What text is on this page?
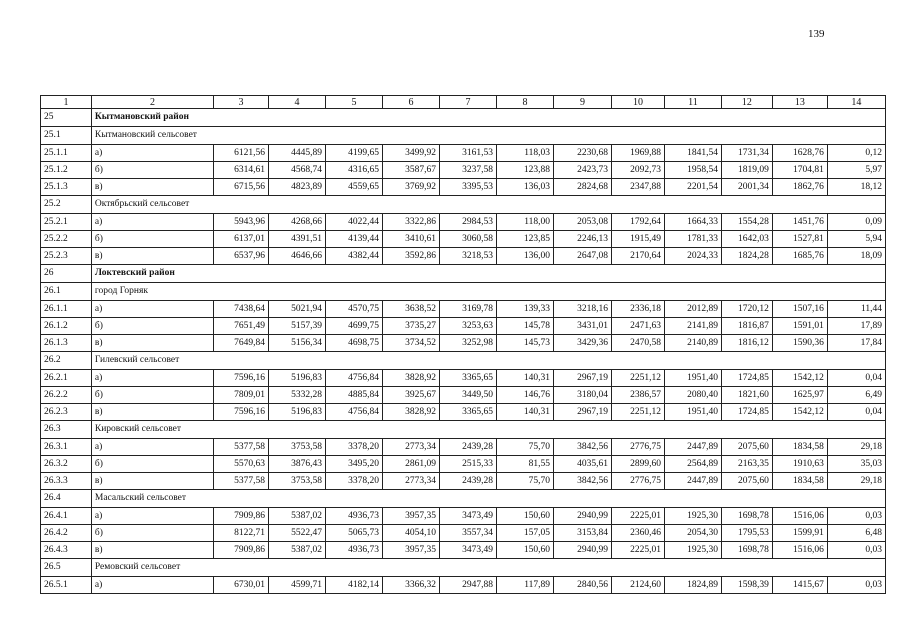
139
1	2	3	4	5	6	7	8	9	10	11	12	13	14
25	Кытмановский район												
25.1	Кытмановский сельсовет												
25.1.1	а)	6121,56	4445,89	4199,65	3499,92	3161,53	118,03	2230,68	1969,88	1841,54	1731,34	1628,76	0,12
25.1.2	б)	6314,61	4568,74	4316,65	3587,67	3237,58	123,88	2423,73	2092,73	1958,54	1819,09	1704,81	5,97
25.1.3	в)	6715,56	4823,89	4559,65	3769,92	3395,53	136,03	2824,68	2347,88	2201,54	2001,34	1862,76	18,12
25.2	Октябрьский сельсовет												
25.2.1	а)	5943,96	4268,66	4022,44	3322,86	2984,53	118,00	2053,08	1792,64	1664,33	1554,28	1451,76	0,09
25.2.2	б)	6137,01	4391,51	4139,44	3410,61	3060,58	123,85	2246,13	1915,49	1781,33	1642,03	1527,81	5,94
25.2.3	в)	6537,96	4646,66	4382,44	3592,86	3218,53	136,00	2647,08	2170,64	2024,33	1824,28	1685,76	18,09
26	Локтевский район												
26.1	город Горняк												
26.1.1	а)	7438,64	5021,94	4570,75	3638,52	3169,78	139,33	3218,16	2336,18	2012,89	1720,12	1507,16	11,44
26.1.2	б)	7651,49	5157,39	4699,75	3735,27	3253,63	145,78	3431,01	2471,63	2141,89	1816,87	1591,01	17,89
26.1.3	в)	7649,84	5156,34	4698,75	3734,52	3252,98	145,73	3429,36	2470,58	2140,89	1816,12	1590,36	17,84
26.2	Гилевский сельсовет												
26.2.1	а)	7596,16	5196,83	4756,84	3828,92	3365,65	140,31	2967,19	2251,12	1951,40	1724,85	1542,12	0,04
26.2.2	б)	7809,01	5332,28	4885,84	3925,67	3449,50	146,76	3180,04	2386,57	2080,40	1821,60	1625,97	6,49
26.2.3	в)	7596,16	5196,83	4756,84	3828,92	3365,65	140,31	2967,19	2251,12	1951,40	1724,85	1542,12	0,04
26.3	Кировский сельсовет												
26.3.1	а)	5377,58	3753,58	3378,20	2773,34	2439,28	75,70	3842,56	2776,75	2447,89	2075,60	1834,58	29,18
26.3.2	б)	5570,63	3876,43	3495,20	2861,09	2515,33	81,55	4035,61	2899,60	2564,89	2163,35	1910,63	35,03
26.3.3	в)	5377,58	3753,58	3378,20	2773,34	2439,28	75,70	3842,56	2776,75	2447,89	2075,60	1834,58	29,18
26.4	Масальский сельсовет												
26.4.1	а)	7909,86	5387,02	4936,73	3957,35	3473,49	150,60	2940,99	2225,01	1925,30	1698,78	1516,06	0,03
26.4.2	б)	8122,71	5522,47	5065,73	4054,10	3557,34	157,05	3153,84	2360,46	2054,30	1795,53	1599,91	6,48
26.4.3	в)	7909,86	5387,02	4936,73	3957,35	3473,49	150,60	2940,99	2225,01	1925,30	1698,78	1516,06	0,03
26.5	Ремовский сельсовет												
26.5.1	а)	6730,01	4599,71	4182,14	3366,32	2947,88	117,89	2840,56	2124,60	1824,89	1598,39	1415,67	0,03
